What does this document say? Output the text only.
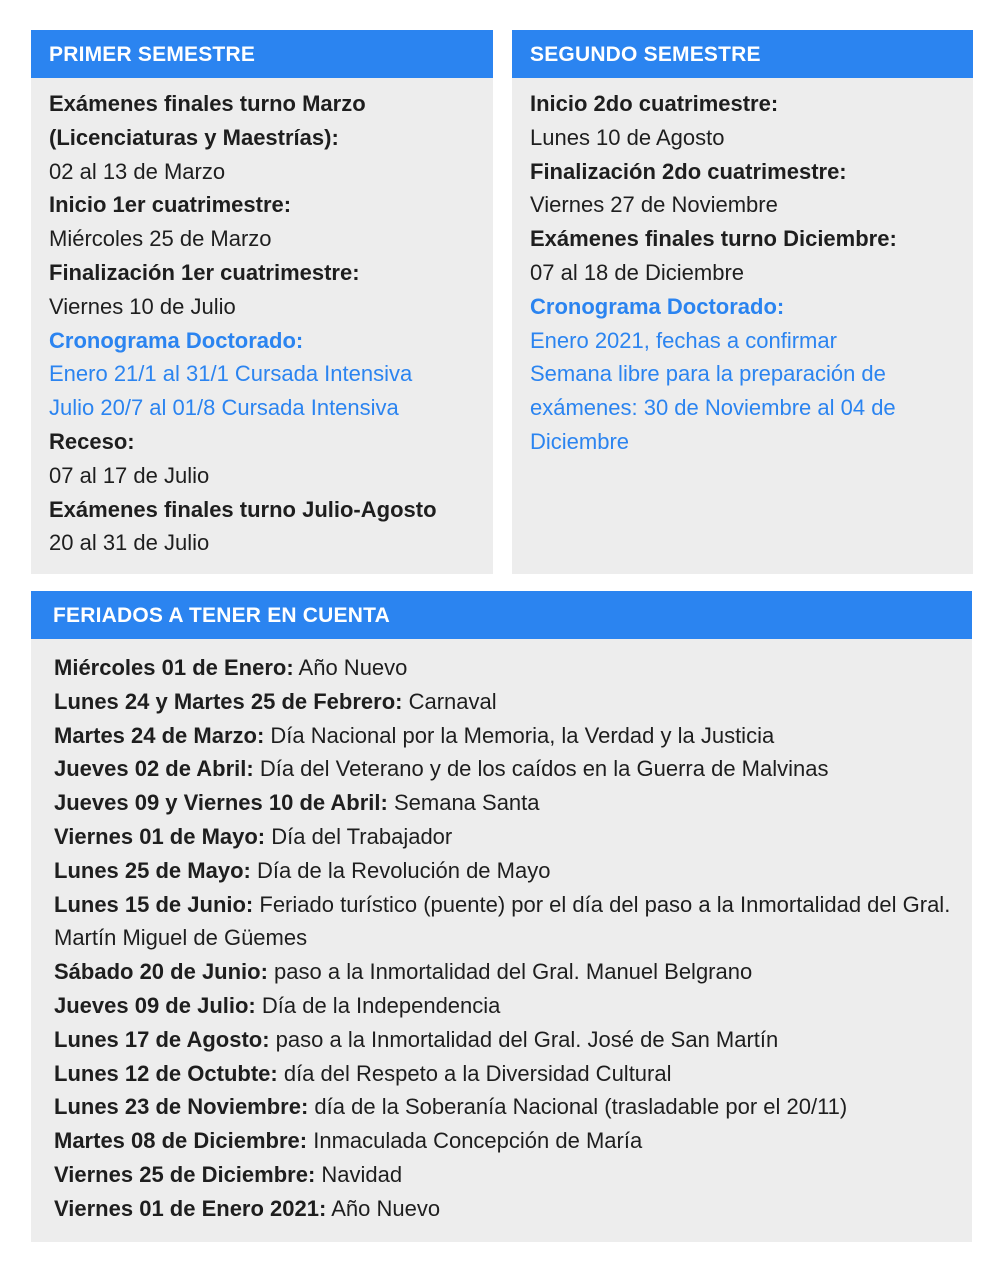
PRIMER SEMESTRE
Exámenes finales turno Marzo
(Licenciaturas y Maestrías):
02 al 13 de Marzo
Inicio 1er cuatrimestre:
Miércoles 25 de Marzo
Finalización 1er cuatrimestre:
Viernes 10 de Julio
Cronograma Doctorado:
Enero 21/1 al 31/1 Cursada Intensiva
Julio 20/7 al 01/8 Cursada Intensiva
Receso:
07 al 17 de Julio
Exámenes finales turno Julio-Agosto
20 al 31 de Julio
SEGUNDO SEMESTRE
Inicio 2do cuatrimestre:
Lunes 10 de Agosto
Finalización 2do cuatrimestre:
Viernes 27 de Noviembre
Exámenes finales turno Diciembre:
07 al 18 de Diciembre
Cronograma Doctorado:
Enero 2021, fechas a confirmar
Semana libre para la preparación de exámenes: 30 de Noviembre al 04 de Diciembre
FERIADOS A TENER EN CUENTA
Miércoles 01 de Enero: Año Nuevo
Lunes 24 y Martes 25 de Febrero: Carnaval
Martes 24 de Marzo: Día Nacional por la Memoria, la Verdad y la Justicia
Jueves 02 de Abril: Día del Veterano y de los caídos en la Guerra de Malvinas
Jueves 09 y Viernes 10 de Abril: Semana Santa
Viernes 01 de Mayo: Día del Trabajador
Lunes 25 de Mayo: Día de la Revolución de Mayo
Lunes 15 de Junio: Feriado turístico (puente) por el día del paso a la Inmortalidad del Gral. Martín Miguel de Güemes
Sábado 20 de Junio: paso a la Inmortalidad del Gral. Manuel Belgrano
Jueves 09 de Julio: Día de la Independencia
Lunes 17 de Agosto: paso a la Inmortalidad del Gral. José de San Martín
Lunes 12 de Octubte: día del Respeto a la Diversidad Cultural
Lunes 23 de Noviembre: día de la Soberanía Nacional (trasladable por el 20/11)
Martes 08 de Diciembre: Inmaculada Concepción de María
Viernes 25 de Diciembre: Navidad
Viernes 01 de Enero 2021: Año Nuevo
